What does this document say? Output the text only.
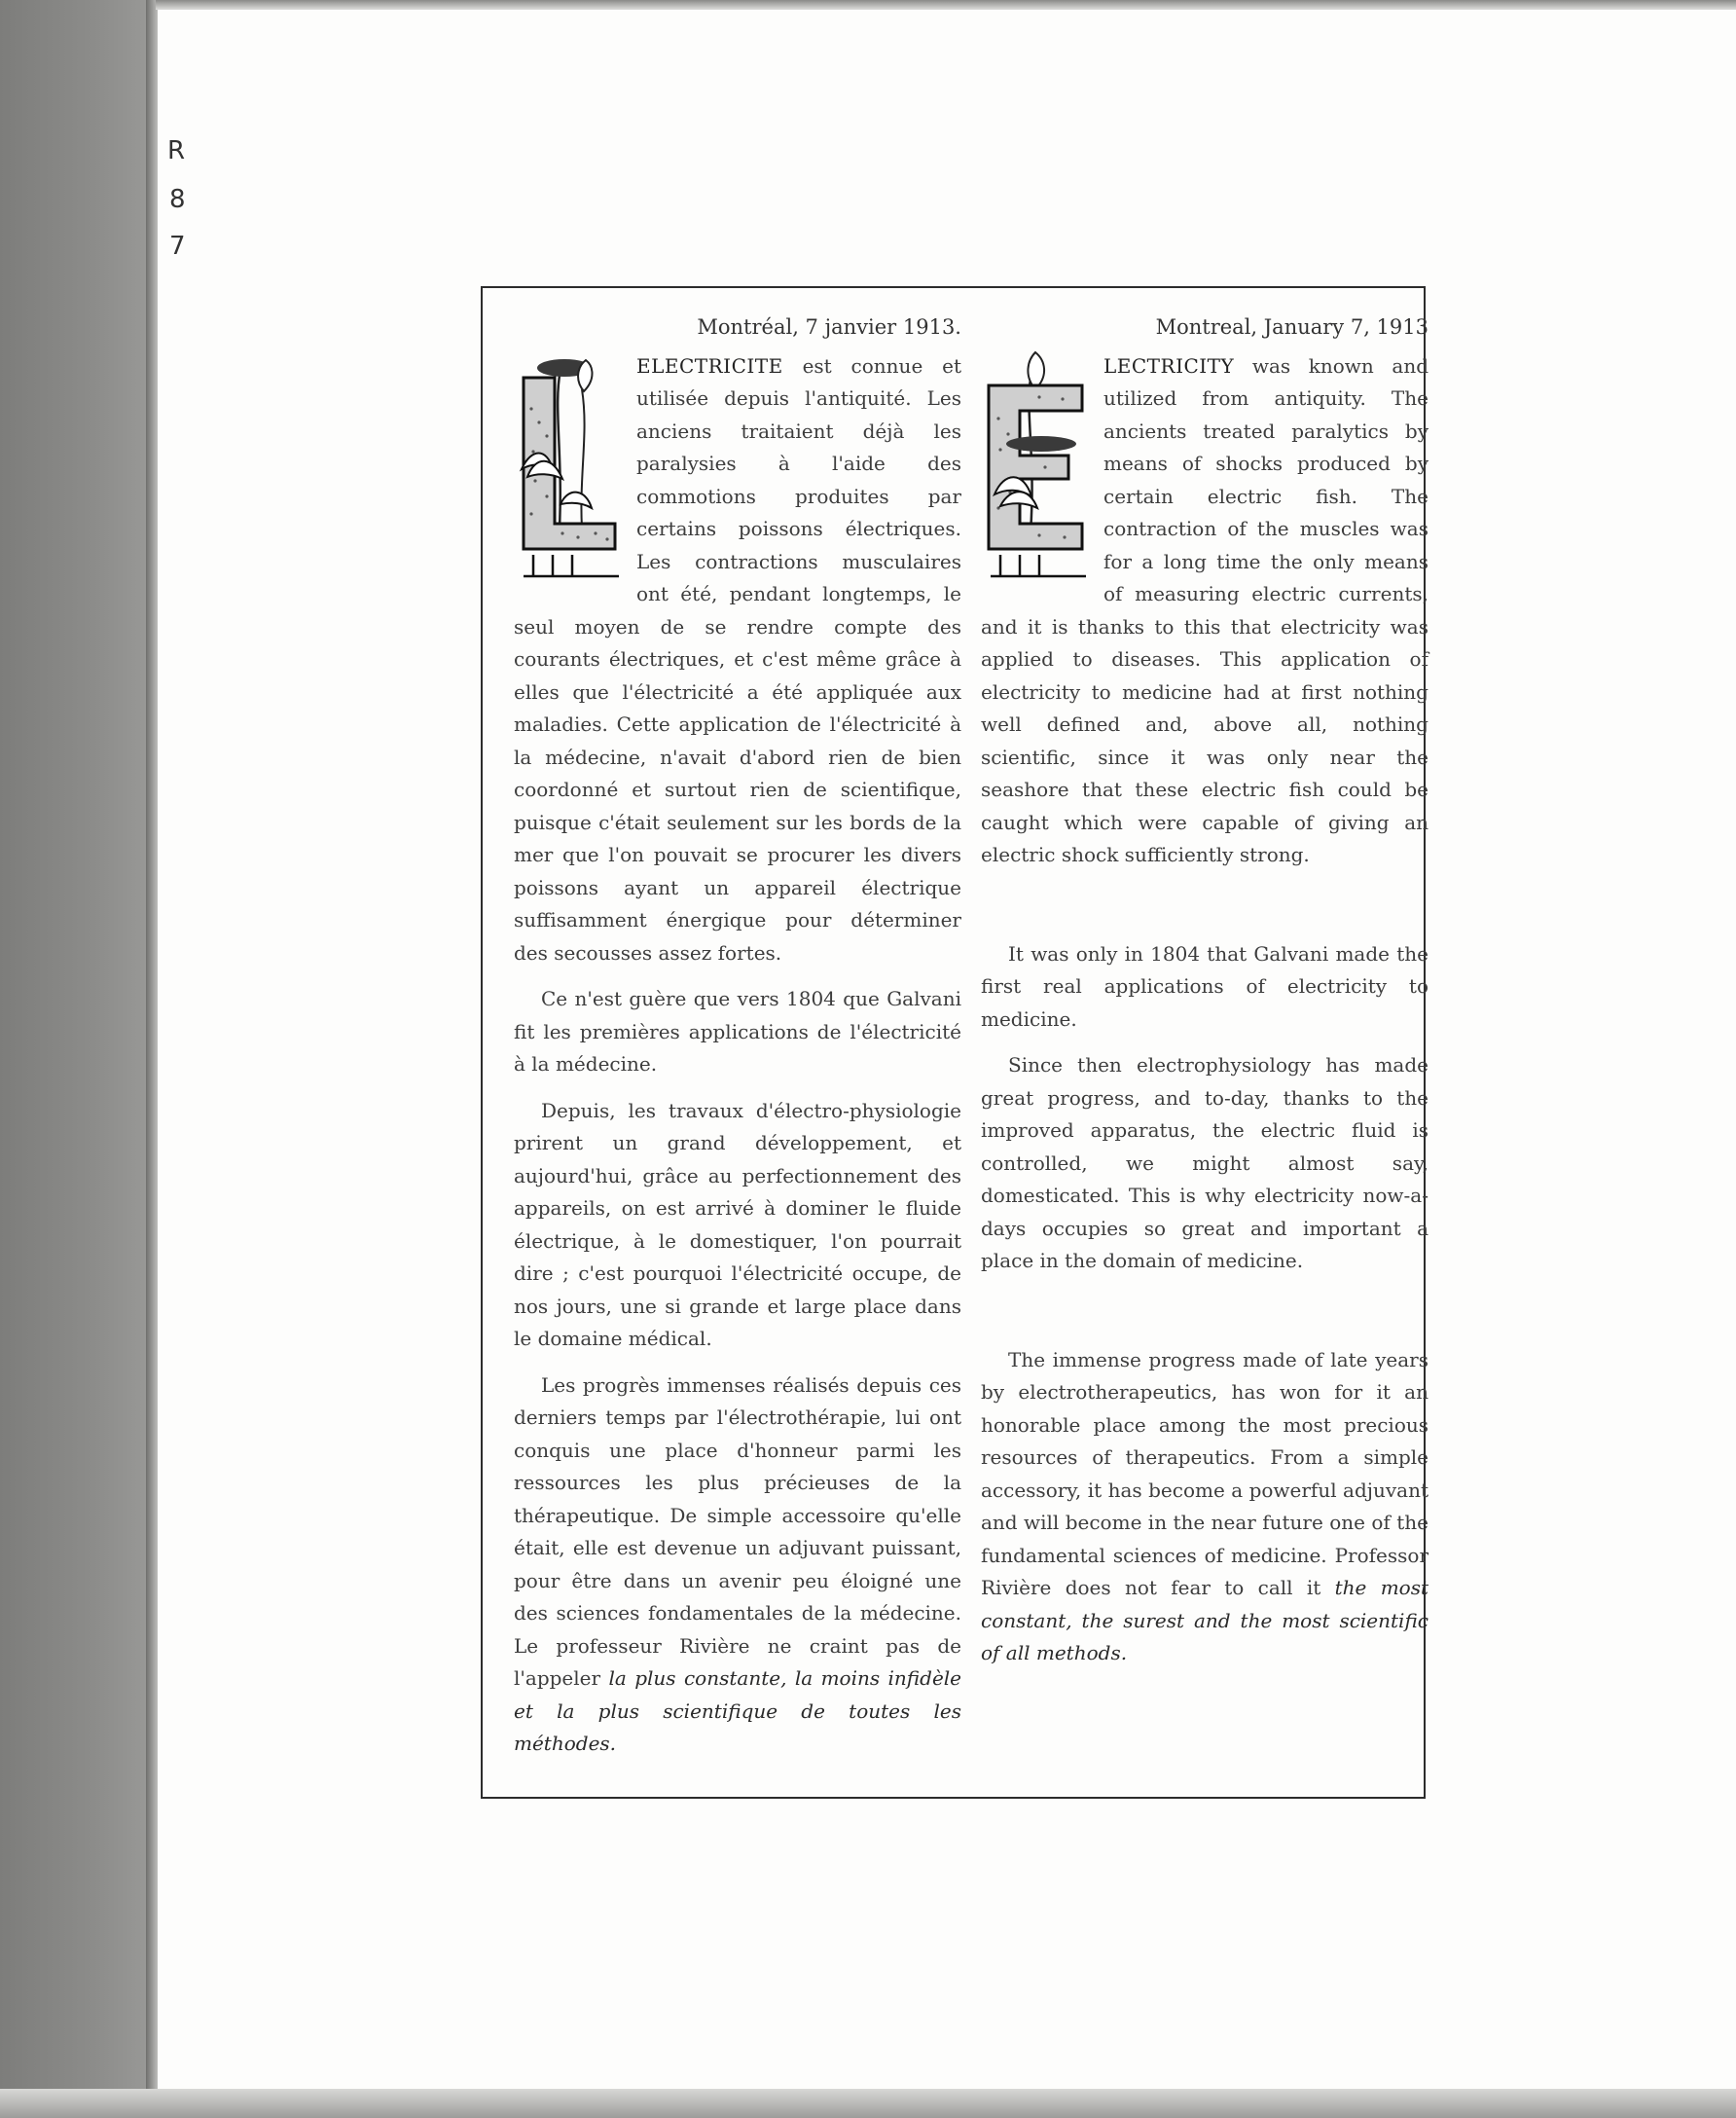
R
8
7
Montréal, 7 janvier 1913.
L

ELECTRICITE est connue et utilisée depuis l'antiquité. Les anciens traitaient déjà les paralysies à l'aide des commotions produites par certains poissons électriques. Les contractions musculaires ont été, pendant longtemps, le seul moyen de se rendre compte des courants électriques, et c'est même grâce à elles que l'électricité a été appliquée aux maladies. Cette application de l'électricité à la médecine, n'avait d'abord rien de bien coordonné et surtout rien de scientifique, puisque c'était seulement sur les bords de la mer que l'on pouvait se procurer les divers poissons ayant un appareil électrique suffisamment énergique pour déterminer des secousses assez fortes.

Ce n'est guère que vers 1804 que Galvani fit les premières applications de l'électricité à la médecine.

Depuis, les travaux d'électro-physiologie prirent un grand développement, et aujourd'hui, grâce au perfectionnement des appareils, on est arrivé à dominer le fluide électrique, à le domestiquer, l'on pourrait dire ; c'est pourquoi l'électricité occupe, de nos jours, une si grande et large place dans le domaine médical.

Les progrès immenses réalisés depuis ces derniers temps par l'électrothérapie, lui ont conquis une place d'honneur parmi les ressources les plus précieuses de la thérapeutique. De simple accessoire qu'elle était, elle est devenue un adjuvant puissant, pour être dans un avenir peu éloigné une des sciences fondamentales de la médecine. Le professeur Rivière ne craint pas de l'appeler la plus constante, la moins infidèle et la plus scientifique de toutes les méthodes.

Montreal, January 7, 1913

LECTRICITY was known and utilized from antiquity. The ancients treated paralytics by means of shocks produced by certain electric fish. The contraction of the muscles was for a long time the only means of measuring electric currents, and it is thanks to this that electricity was applied to diseases. This application of electricity to medicine had at first nothing well defined and, above all, nothing scientific, since it was only near the seashore that these electric fish could be caught which were capable of giving an electric shock sufficiently strong.

It was only in 1804 that Galvani made the first real applications of electricity to medicine.

Since then electrophysiology has made great progress, and to-day, thanks to the improved apparatus, the electric fluid is controlled, we might almost say, domesticated. This is why electricity now-a-days occupies so great and important a place in the domain of medicine.

The immense progress made of late years by electrotherapeutics, has won for it an honorable place among the most precious resources of therapeutics. From a simple accessory, it has become a powerful adjuvant and will become in the near future one of the fundamental sciences of medicine. Professor Rivière does not fear to call it the most constant, the surest and the most scientific of all methods.
